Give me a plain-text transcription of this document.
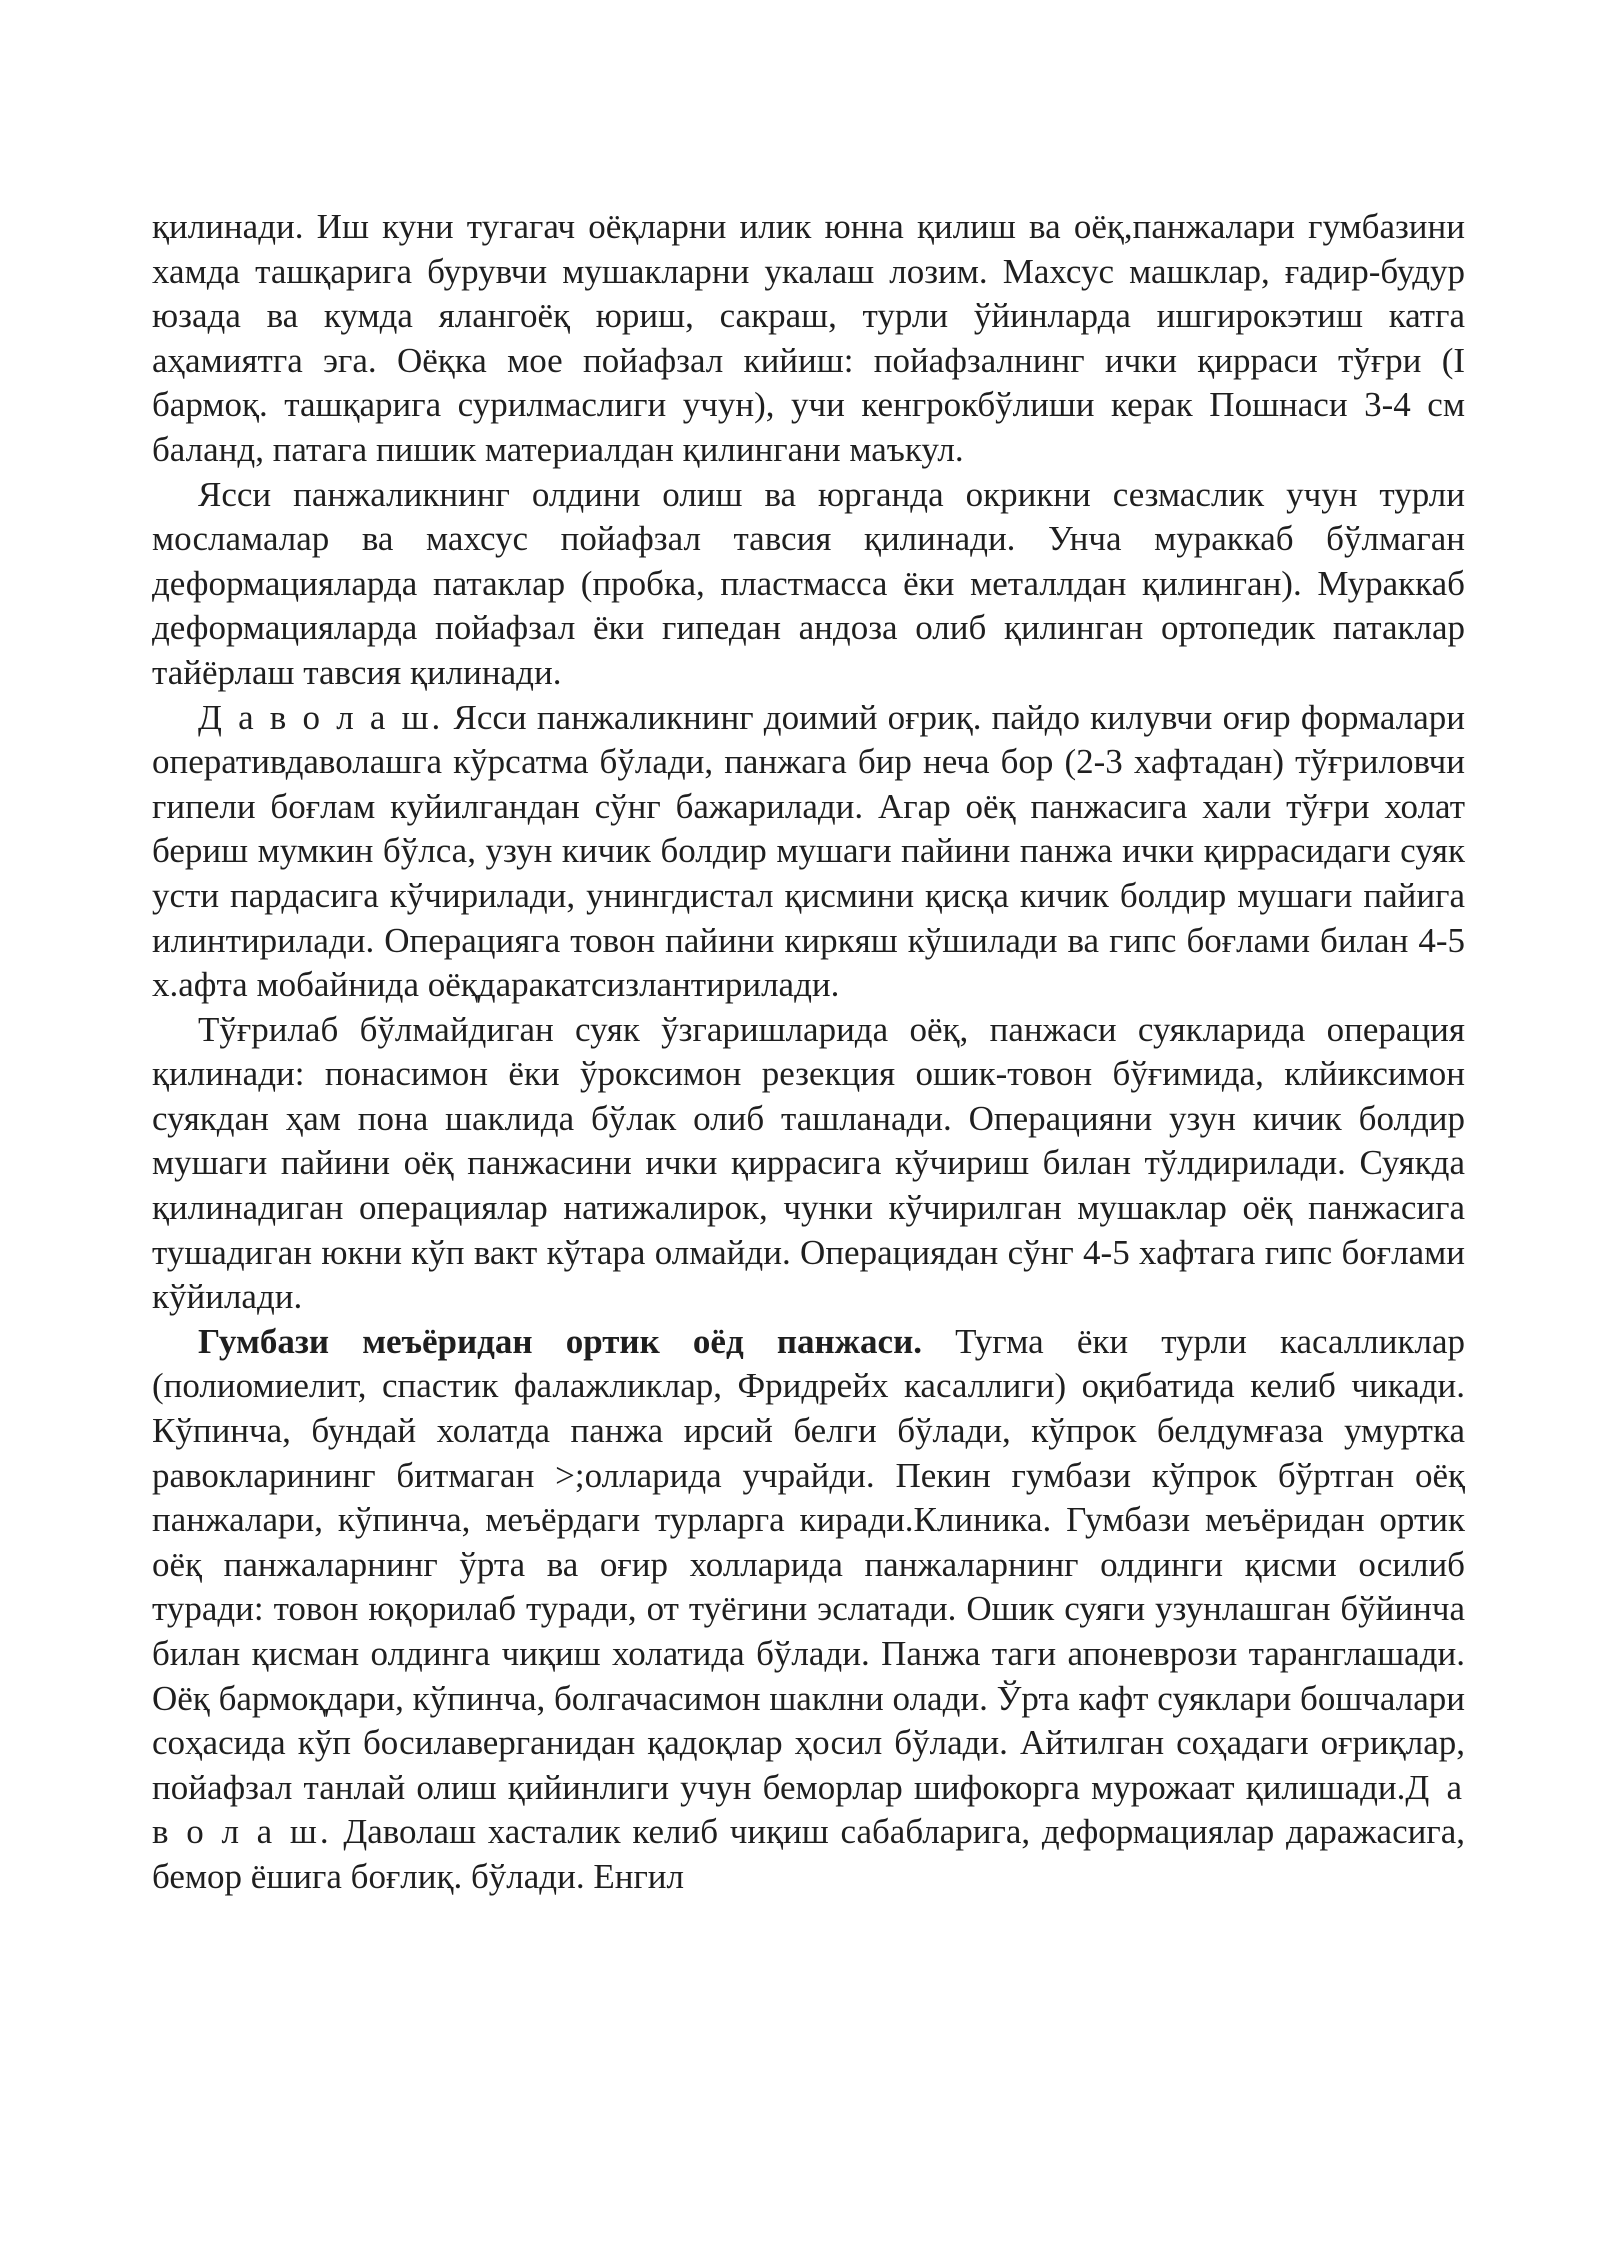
қилинади. Иш куни тугагач оёқларни илик юнна қилиш ва оёқ,панжалари гумбазини хамда ташқарига бурувчи мушакларни укалаш лозим. Махсус машклар, ғадир-будур юзада ва кумда ялангоёқ юриш, сакраш, турли ўйинларда ишгирокэтиш катга аҳамиятга эга. Оёқка мое пойафзал кийиш: пойафзалнинг ички қирраси тўғри (I бармоқ. ташқарига сурилмаслиги учун), учи кенгрокбўлиши керак Пошнаси 3-4 см баланд, патага пишик материалдан қилингани маъкул.

Ясси панжаликнинг олдини олиш ва юрганда окрикни сезмаслик учун турли мосламалар ва махсус пойафзал тавсия қилинади. Унча мураккаб бўлмаган деформацияларда патаклар (пробка, пластмасса ёки металлдан қилинган). Мураккаб деформацияларда пойафзал ёки гипедан андоза олиб қилинган ортопедик патаклар тайёрлаш тавсия қилинади.

Д а в о л а ш. Ясси панжаликнинг доимий оғриқ. пайдо килувчи оғир формалари оперативдаволашга кўрсатма бўлади, панжага бир неча бор (2-3 хафтадан) тўғриловчи гипели боғлам куйилгандан сўнг бажарилади. Агар оёқ панжасига хали тўғри холат бериш мумкин бўлса, узун кичик болдир мушаги пайини панжа ички қиррасидаги суяк усти пардасига кўчирилади, унингдистал қисмини қисқа кичик болдир мушаги пайига илинтирилади. Операцияга товон пайини киркяш кўшилади ва гипс боғлами билан 4-5 х.афта мобайнида оёқдаракатсизлантирилади.

Тўғрилаб бўлмайдиган суяк ўзгаришларида оёқ, панжаси суякларида операция қилинади: понасимон ёки ўроксимон резекция ошик-товон бўғимида, клйиксимон суякдан ҳам пона шаклида бўлак олиб ташланади. Операцияни узун кичик болдир мушаги пайини оёқ панжасини ички қиррасига кўчириш билан тўлдирилади. Суякда қилинадиган операциялар натижалирок, чунки кўчирилган мушаклар оёқ панжасига тушадиган юкни кўп вакт кўтара олмайди. Операциядан сўнг 4-5 хафтага гипс боғлами кўйилади.

Гумбази меъёридан ортик оёд панжаси. Тугма ёки турли касалликлар (полиомиелит, спастик фалажликлар, Фридрейх касаллиги) оқибатида келиб чикади. Кўпинча, бундай холатда панжа ирсий белги бўлади, кўпрок белдумғаза умуртка равокларининг битмаган >;олларида учрайди. Пекин гумбази кўпрок бўртган оёқ панжалари, кўпинча, меъёрдаги турларга киради.Клиника. Гумбази меъёридан ортик оёқ панжаларнинг ўрта ва оғир холларида панжаларнинг олдинги қисми осилиб туради: товон юқорилаб туради, от туёгини эслатади. Ошик суяги узунлашган бўйинча билан қисман олдинга чиқиш холатида бўлади. Панжа таги апоневрози таранглашади. Оёқ бармоқдари, кўпинча, болгачасимон шаклни олади. Ўрта кафт суяклари бошчалари соҳасида кўп босилаверганидан қадоқлар ҳосил бўлади. Айтилган соҳадаги оғриқлар, пойафзал танлай олиш қийинлиги учун беморлар шифокорга мурожаат қилишади.Д а в о л а ш. Даволаш хасталик келиб чиқиш сабабларига, деформациялар даражасига, бемор ёшига боғлиқ. бўлади. Енгил
